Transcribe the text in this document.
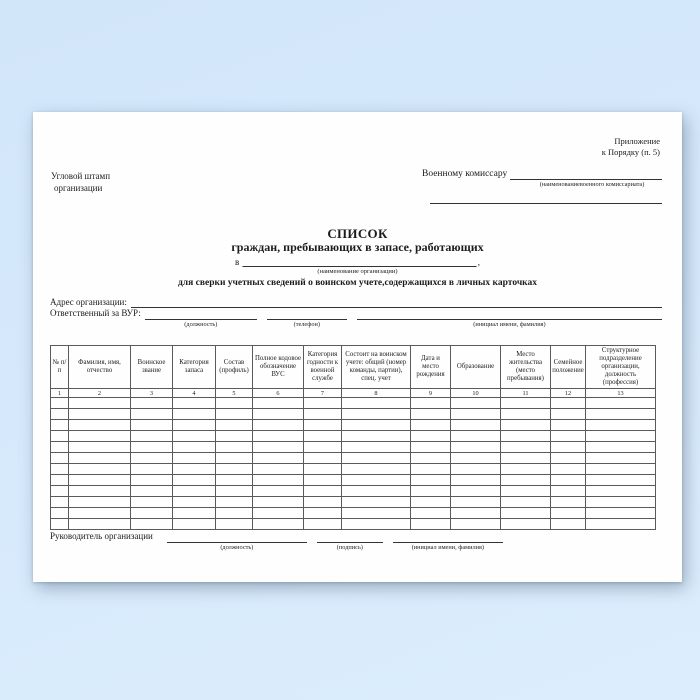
Приложение
к Порядку (п. 5)
Угловой штамп
организации
Военному комиссару
(наименованиевоенного комиссариата)
СПИСОК
граждан, пребывающих в запасе, работающих
в	,
(наименование организации)
для сверки учетных сведений о воинском учете,содержащихся в личных карточках
Адрес организации:
Ответственный за ВУР:
(должность)	(телефон)	(инициал имени, фамилия)
№ п/п	Фамилия, имя, отчество	Воинское звание	Категория запаса	Состав (профиль)	Полное кодовое обозначение ВУС	Категория годности к военной службе	Состоит на воинском учете: общий (номер команды, партии), спец. учет	Дата и место рождения	Образование	Место жительства (место пребывания)	Семейное положение	Структурное подразделение организации, должность (профессия)
1	2	3	4	5	6	7	8	9	10	11	12	13

Руководитель организации
(должность)	(подпись)	(инициал имени, фамилия)
